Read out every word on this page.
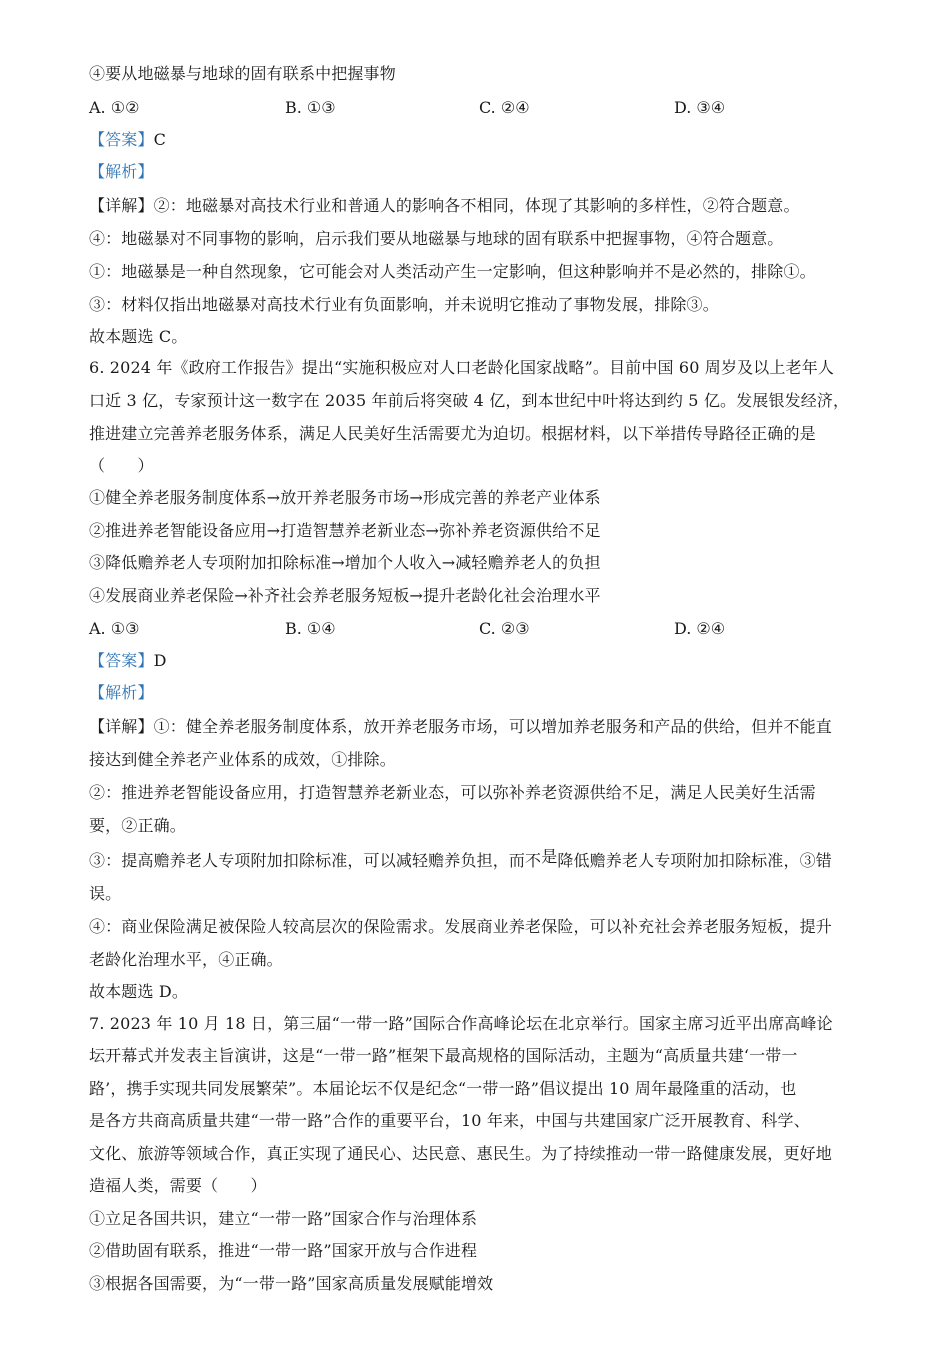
④要从地磁暴与地球的固有联系中把握事物
A. ①②	B. ①③	C. ②④	D. ③④
【答案】C
【解析】
【详解】②：地磁暴对高技术行业和普通人的影响各不相同，体现了其影响的多样性，②符合题意。
④：地磁暴对不同事物的影响，启示我们要从地磁暴与地球的固有联系中把握事物，④符合题意。
①：地磁暴是一种自然现象，它可能会对人类活动产生一定影响，但这种影响并不是必然的，排除①。
③：材料仅指出地磁暴对高技术行业有负面影响，并未说明它推动了事物发展，排除③。
故本题选 C。
6. 2024 年《政府工作报告》提出“实施积极应对人口老龄化国家战略”。目前中国 60 周岁及以上老年人
口近 3 亿，专家预计这一数字在 2035 年前后将突破 4 亿，到本世纪中叶将达到约 5 亿。发展银发经济，
推进建立完善养老服务体系，满足人民美好生活需要尤为迫切。根据材料，以下举措传导路径正确的是
（　　）
①健全养老服务制度体系→放开养老服务市场→形成完善的养老产业体系
②推进养老智能设备应用→打造智慧养老新业态→弥补养老资源供给不足
③降低赡养老人专项附加扣除标准→增加个人收入→减轻赡养老人的负担
④发展商业养老保险→补齐社会养老服务短板→提升老龄化社会治理水平
A. ①③	B. ①④	C. ②③	D. ②④
【答案】D
【解析】
【详解】①：健全养老服务制度体系，放开养老服务市场，可以增加养老服务和产品的供给，但并不能直
接达到健全养老产业体系的成效，①排除。
②：推进养老智能设备应用，打造智慧养老新业态，可以弥补养老资源供给不足，满足人民美好生活需
要，②正确。
③：提高赡养老人专项附加扣除标准，可以减轻赡养负担，而不是降低赡养老人专项附加扣除标准，③错
误。
④：商业保险满足被保险人较高层次的保险需求。发展商业养老保险，可以补充社会养老服务短板，提升
老龄化治理水平，④正确。
故本题选 D。
7. 2023 年 10 月 18 日，第三届“一带一路”国际合作高峰论坛在北京举行。国家主席习近平出席高峰论
坛开幕式并发表主旨演讲，这是“一带一路”框架下最高规格的国际活动，主题为“高质量共建‘一带一
路’，携手实现共同发展繁荣”。本届论坛不仅是纪念“一带一路”倡议提出 10 周年最隆重的活动，也
是各方共商高质量共建“一带一路”合作的重要平台，10 年来，中国与共建国家广泛开展教育、科学、
文化、旅游等领域合作，真正实现了通民心、达民意、惠民生。为了持续推动一带一路健康发展，更好地
造福人类，需要（　　）
①立足各国共识，建立“一带一路”国家合作与治理体系
②借助固有联系，推进“一带一路”国家开放与合作进程
③根据各国需要，为“一带一路”国家高质量发展赋能增效
